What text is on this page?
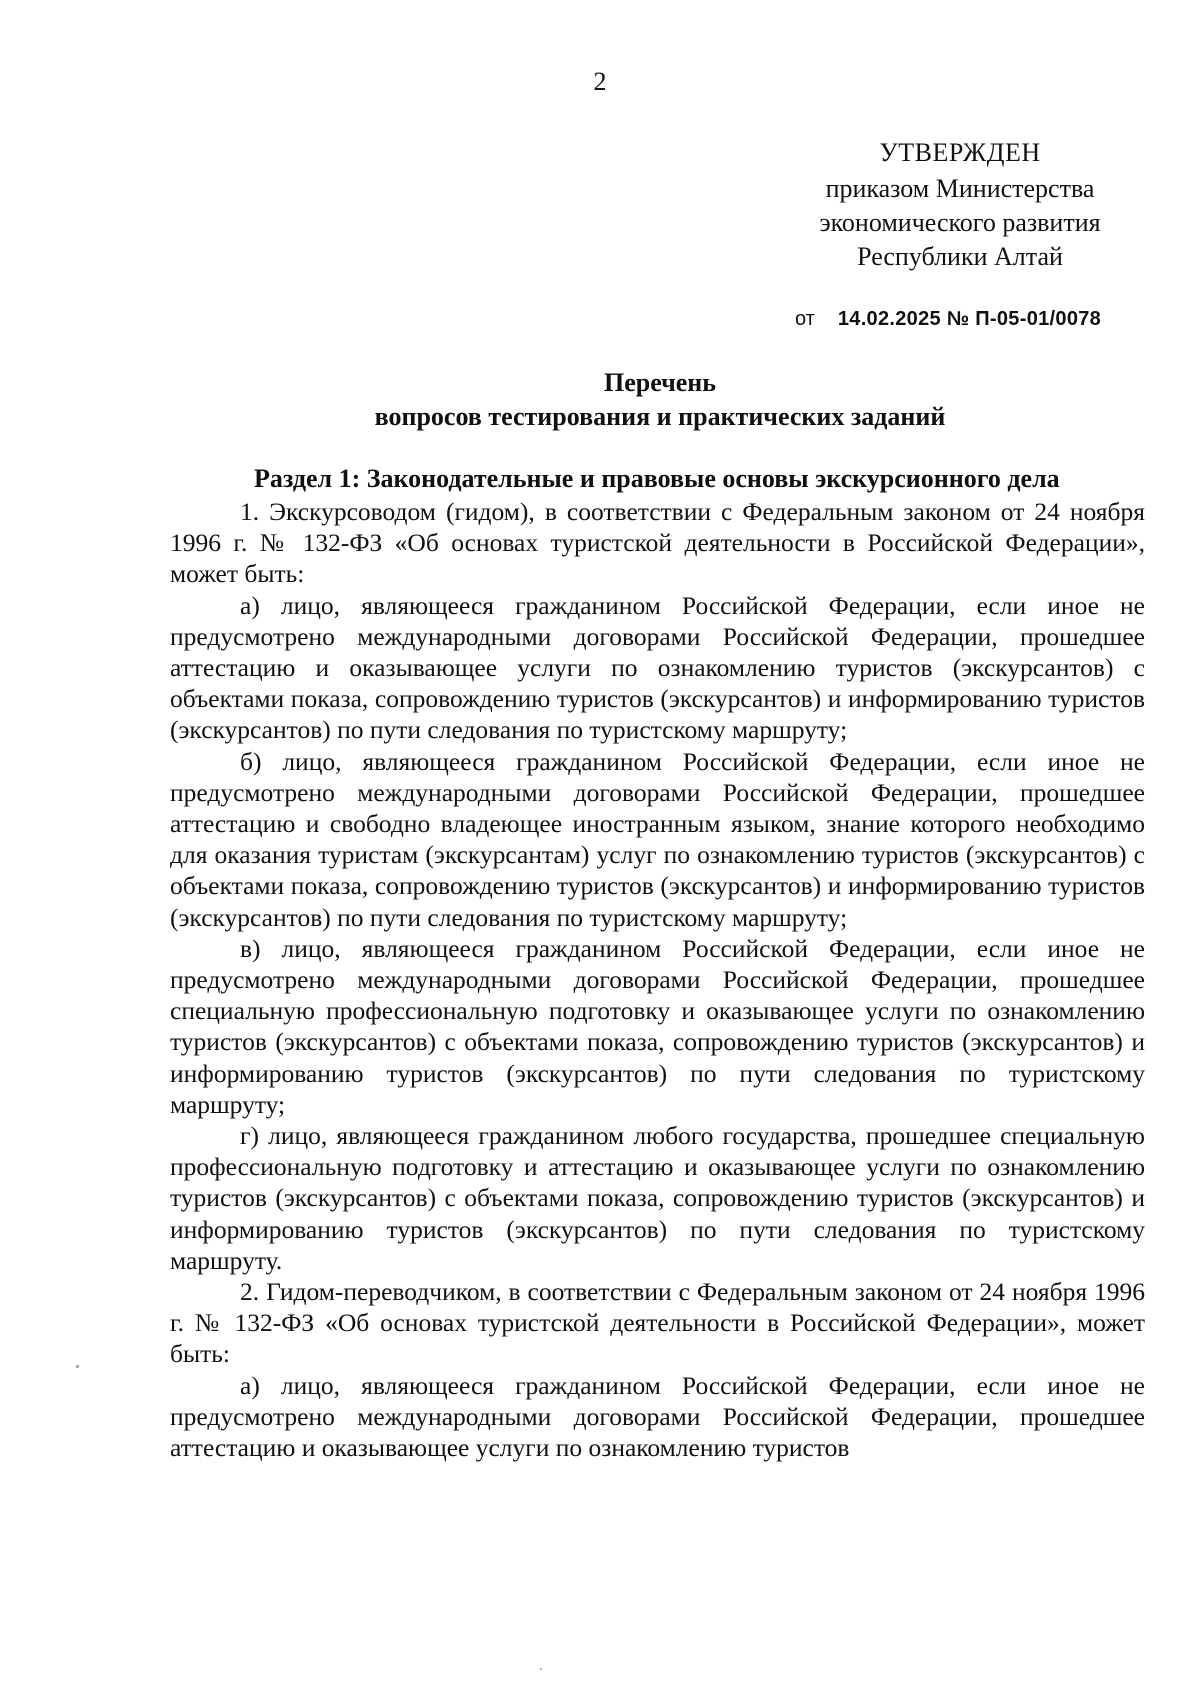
2
УТВЕРЖДЕН
приказом Министерства
экономического развития
Республики Алтай
от 14.02.2025 № П-05-01/0078
Перечень
вопросов тестирования и практических заданий
Раздел 1: Законодательные и правовые основы экскурсионного дела

1. Экскурсоводом (гидом), в соответствии с Федеральным законом от 24 ноября 1996 г. № 132-ФЗ «Об основах туристской деятельности в Российской Федерации», может быть:

а) лицо, являющееся гражданином Российской Федерации, если иное не предусмотрено международными договорами Российской Федерации, прошедшее аттестацию и оказывающее услуги по ознакомлению туристов (экскурсантов) с объектами показа, сопровождению туристов (экскурсантов) и информированию туристов (экскурсантов) по пути следования по туристскому маршруту;

б) лицо, являющееся гражданином Российской Федерации, если иное не предусмотрено международными договорами Российской Федерации, прошедшее аттестацию и свободно владеющее иностранным языком, знание которого необходимо для оказания туристам (экскурсантам) услуг по ознакомлению туристов (экскурсантов) с объектами показа, сопровождению туристов (экскурсантов) и информированию туристов (экскурсантов) по пути следования по туристскому маршруту;

в) лицо, являющееся гражданином Российской Федерации, если иное не предусмотрено международными договорами Российской Федерации, прошедшее специальную профессиональную подготовку и оказывающее услуги по ознакомлению туристов (экскурсантов) с объектами показа, сопровождению туристов (экскурсантов) и информированию туристов (экскурсантов) по пути следования по туристскому маршруту;

г) лицо, являющееся гражданином любого государства, прошедшее специальную профессиональную подготовку и аттестацию и оказывающее услуги по ознакомлению туристов (экскурсантов) с объектами показа, сопровождению туристов (экскурсантов) и информированию туристов (экскурсантов) по пути следования по туристскому маршруту.

2. Гидом-переводчиком, в соответствии с Федеральным законом от 24 ноября 1996 г. № 132-ФЗ «Об основах туристской деятельности в Российской Федерации», может быть:

а) лицо, являющееся гражданином Российской Федерации, если иное не предусмотрено международными договорами Российской Федерации, прошедшее аттестацию и оказывающее услуги по ознакомлению туристов
